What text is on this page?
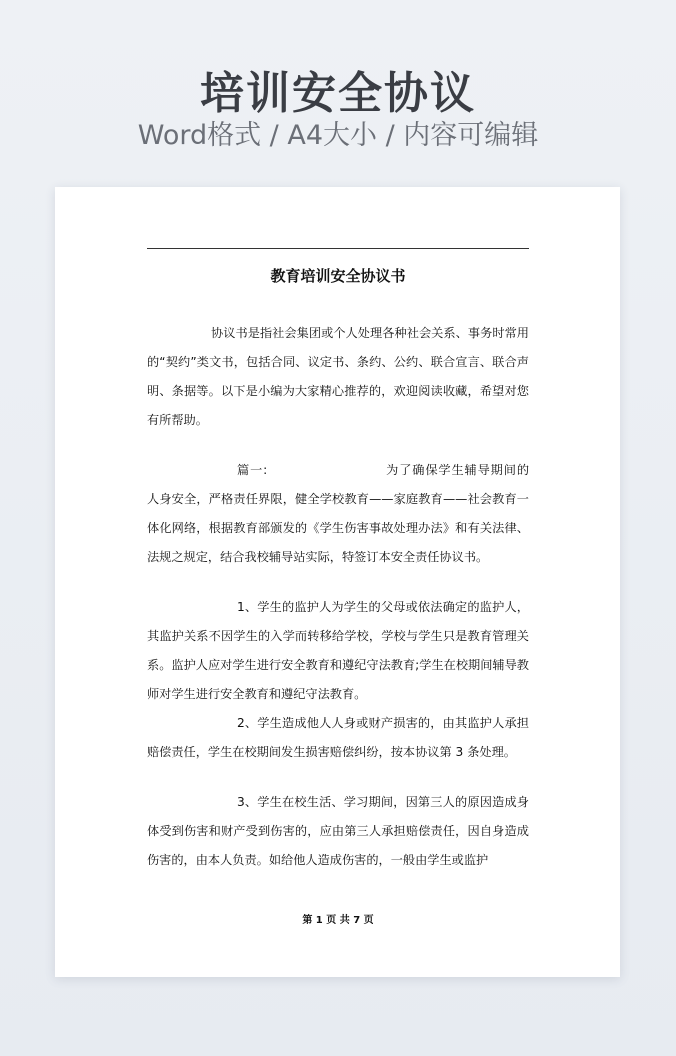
培训安全协议
Word格式 / A4大小 / 内容可编辑
教育培训安全协议书

协议书是指社会集团或个人处理各种社会关系、事务时常用的“契约”类文书，包括合同、议定书、条约、公约、联合宣言、联合声明、条据等。以下是小编为大家精心推荐的，欢迎阅读收藏，希望对您有所帮助。

篇一:	为了确保学生辅导期间的人身安全，严格责任界限，健全学校教育——家庭教育——社会教育一体化网络，根据教育部颁发的《学生伤害事故处理办法》和有关法律、法规之规定，结合我校辅导站实际，特签订本安全责任协议书。

1、学生的监护人为学生的父母或依法确定的监护人，其监护关系不因学生的入学而转移给学校，学校与学生只是教育管理关系。监护人应对学生进行安全教育和遵纪守法教育;学生在校期间辅导教师对学生进行安全教育和遵纪守法教育。

2、学生造成他人人身或财产损害的，由其监护人承担赔偿责任，学生在校期间发生损害赔偿纠纷，按本协议第 3 条处理。

3、学生在校生活、学习期间，因第三人的原因造成身体受到伤害和财产受到伤害的，应由第三人承担赔偿责任，因自身造成伤害的，由本人负责。如给他人造成伤害的，一般由学生或监护

第 1 页 共 7 页
